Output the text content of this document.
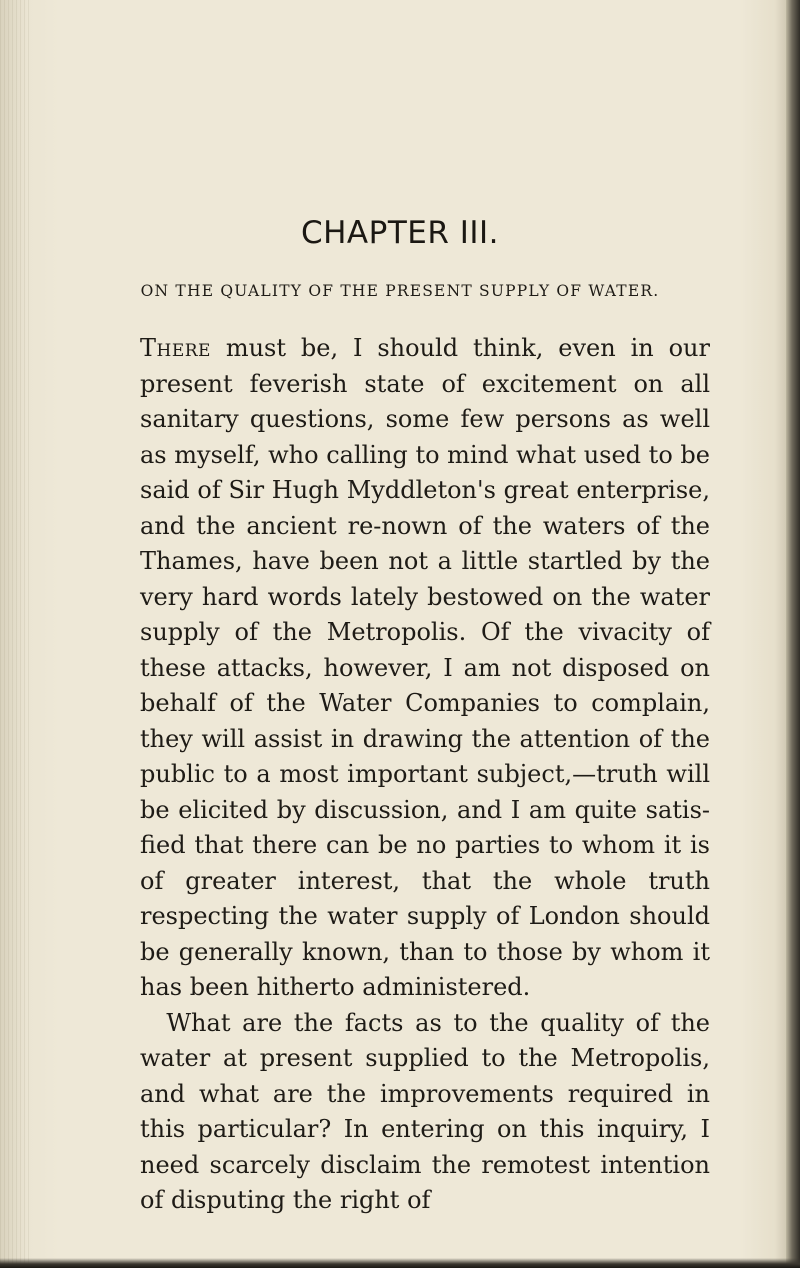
CHAPTER III.
ON THE QUALITY OF THE PRESENT SUPPLY OF WATER.

There must be, I should think, even in our present feverish state of excitement on all sanitary questions, some few persons as well as myself, who calling to mind what used to be said of Sir Hugh Myddleton's great enterprise, and the ancient re-nown of the waters of the Thames, have been not a little startled by the very hard words lately bestowed on the water supply of the Metropolis. Of the vivacity of these attacks, however, I am not disposed on behalf of the Water Companies to complain, they will assist in drawing the attention of the public to a most important subject,—truth will be elicited by discussion, and I am quite satis-fied that there can be no parties to whom it is of greater interest, that the whole truth respecting the water supply of London should be generally known, than to those by whom it has been hitherto administered.

What are the facts as to the quality of the water at present supplied to the Metropolis, and what are the improvements required in this particular? In entering on this inquiry, I need scarcely disclaim the remotest intention of disputing the right of
